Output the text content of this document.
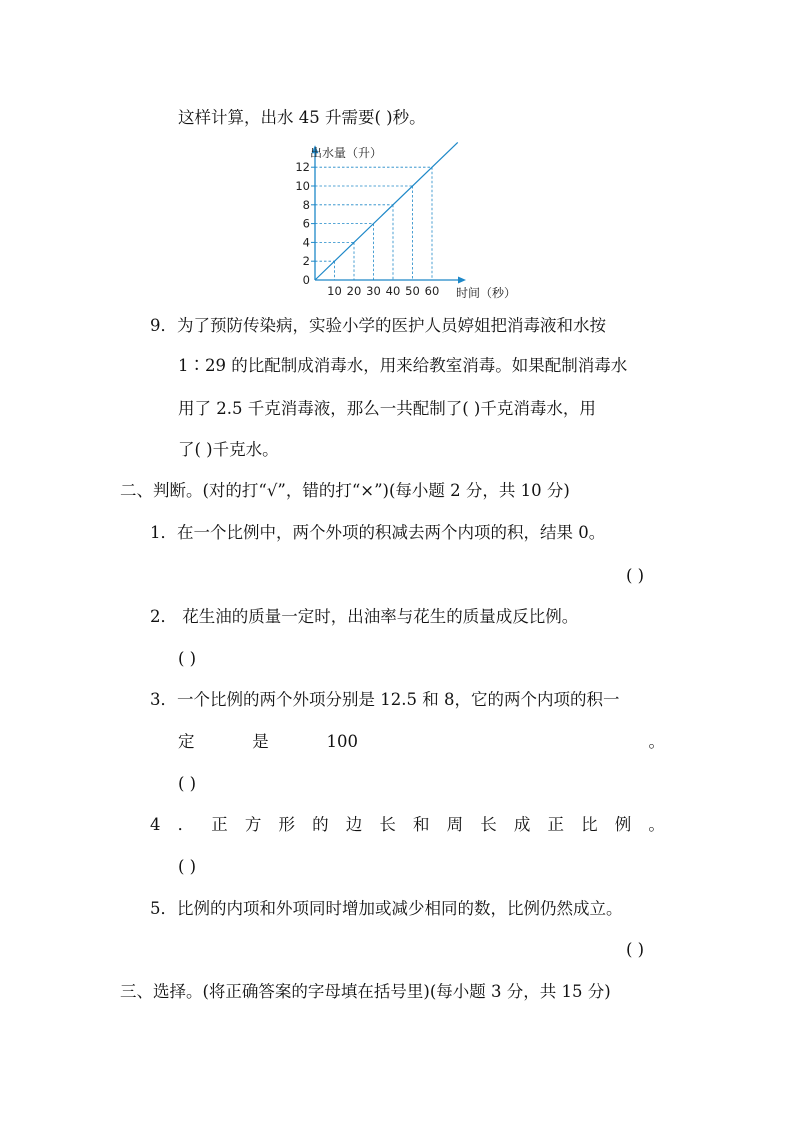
这样计算，出水 45 升需要( )秒。
0
2
4
6
8
10
12
10 20 30 40 50 60
出水量（升）
时间（秒）
9．为了预防传染病，实验小学的医护人员婷姐把消毒液和水按
1∶29 的比配制成消毒水，用来给教室消毒。如果配制消毒水
用了 2.5 千克消毒液，那么一共配制了( )千克消毒水，用
了( )千克水。
二、判断。(对的打“√”，错的打“×”)(每小题 2 分，共 10 分)
1．在一个比例中，两个外项的积减去两个内项的积，结果 0。
( )
2． 花生油的质量一定时，出油率与花生的质量成反比例。
( )
3．一个比例的两个外项分别是 12.5 和 8，它的两个内项的积一
定	是	100	。
( )
4 ． 正 方 形 的 边 长 和 周 长 成 正 比 例 。
( )
5．比例的内项和外项同时增加或减少相同的数，比例仍然成立。
( )
三、选择。(将正确答案的字母填在括号里)(每小题 3 分，共 15 分)
